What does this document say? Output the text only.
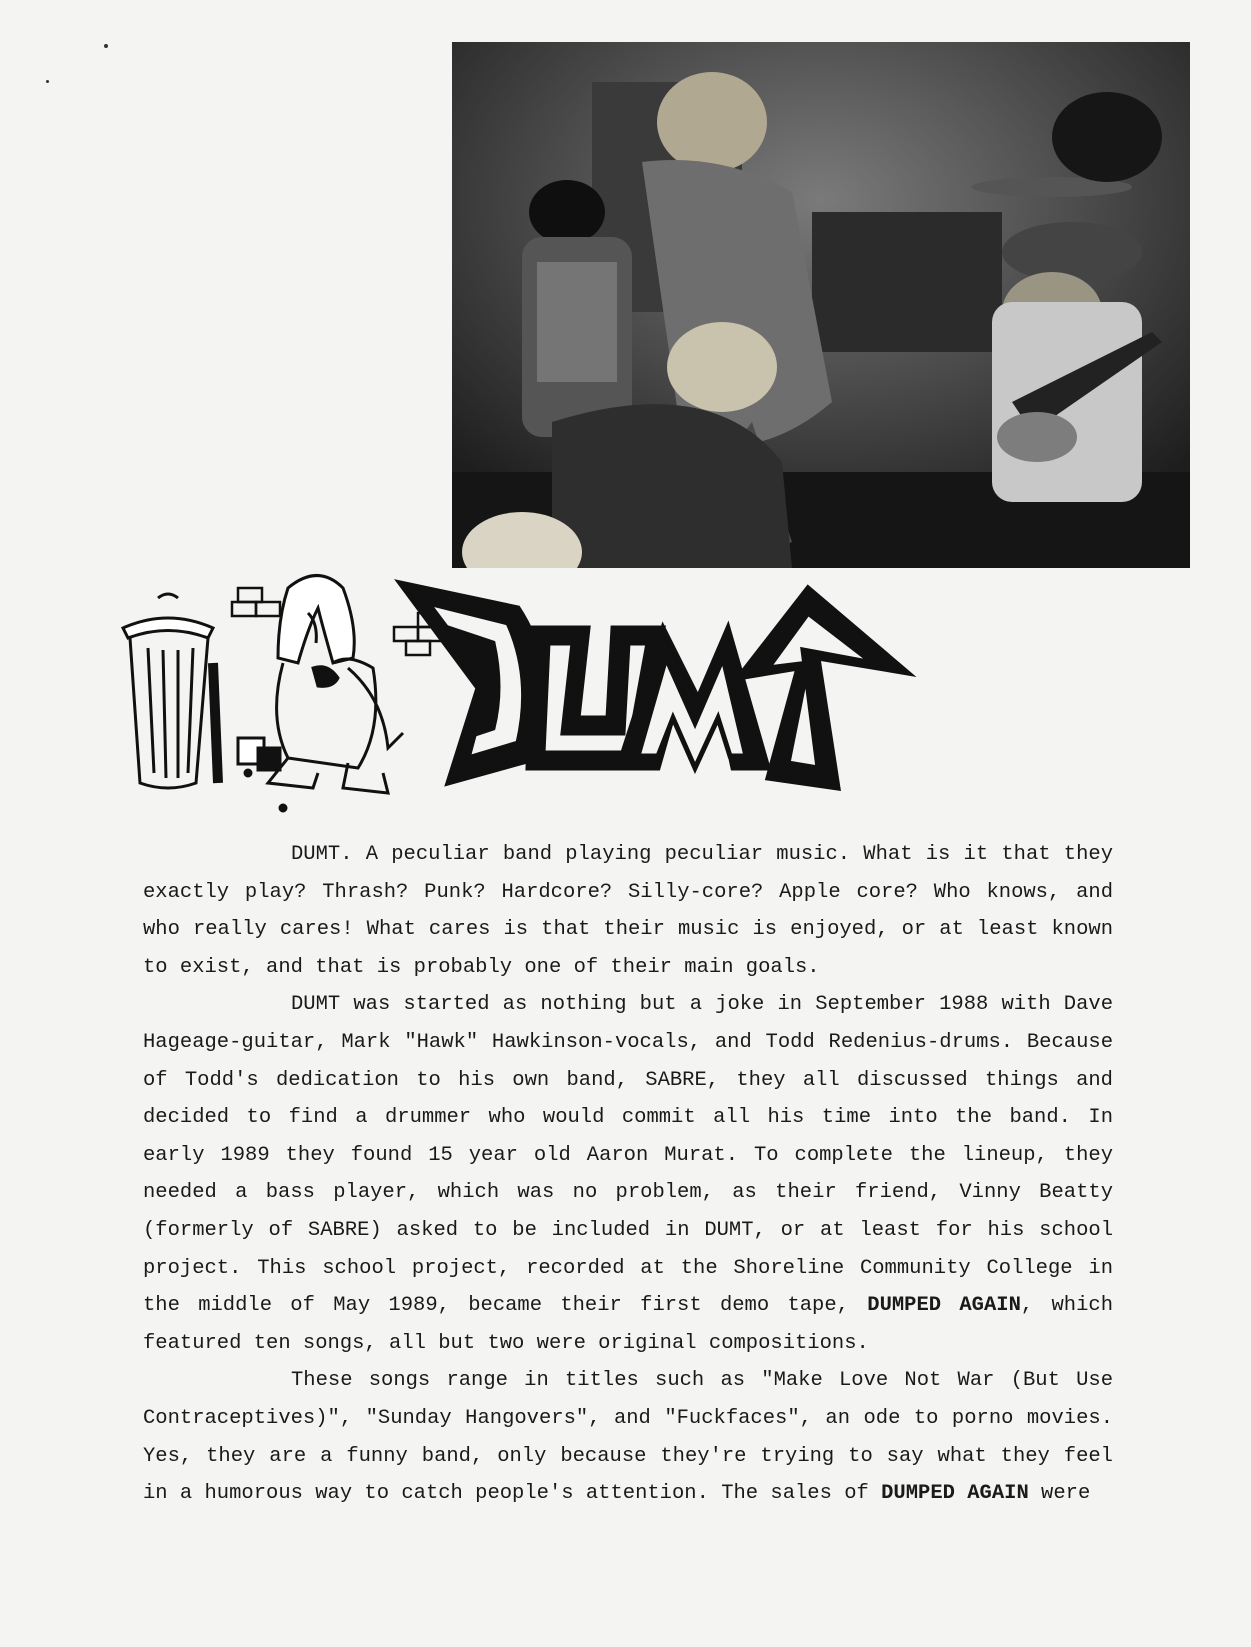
DUMT

DUMT. A peculiar band playing peculiar music. What is it that they exactly play? Thrash? Punk? Hardcore? Silly-core? Apple core? Who knows, and who really cares! What cares is that their music is enjoyed, or at least known to exist, and that is probably one of their main goals.

DUMT was started as nothing but a joke in September 1988 with Dave Hageage-guitar, Mark "Hawk" Hawkinson-vocals, and Todd Redenius-drums. Because of Todd's dedication to his own band, SABRE, they all discussed things and decided to find a drummer who would commit all his time into the band. In early 1989 they found 15 year old Aaron Murat. To complete the lineup, they needed a bass player, which was no problem, as their friend, Vinny Beatty (formerly of SABRE) asked to be included in DUMT, or at least for his school project. This school project, recorded at the Shoreline Community College in the middle of May 1989, became their first demo tape, DUMPED AGAIN, which featured ten songs, all but two were original compositions.

These songs range in titles such as "Make Love Not War (But Use Contraceptives)", "Sunday Hangovers", and "Fuckfaces", an ode to porno movies. Yes, they are a funny band, only because they're trying to say what they feel in a humorous way to catch people's attention. The sales of DUMPED AGAIN were
